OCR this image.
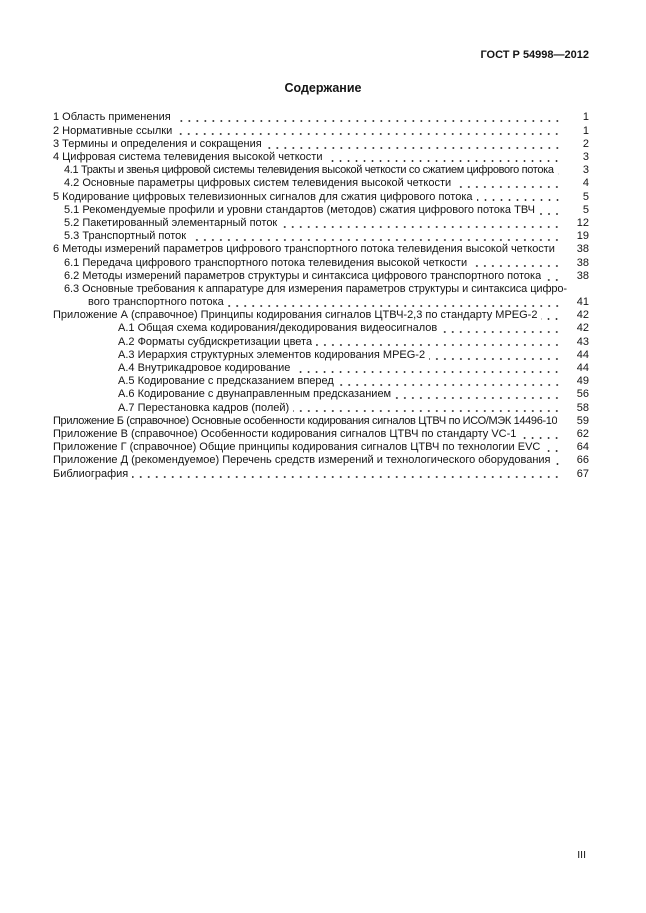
ГОСТ Р 54998—2012
Содержание
1 Область применения	1
2 Нормативные ссылки	1
3 Термины и определения и сокращения	2
4 Цифровая система телевидения высокой четкости	3
4.1 Тракты и звенья цифровой системы телевидения высокой четкости со сжатием цифрового потока	3
4.2 Основные параметры цифровых систем телевидения высокой четкости	4
5 Кодирование цифровых телевизионных сигналов для сжатия цифрового потока	5
5.1 Рекомендуемые профили и уровни стандартов (методов) сжатия цифрового потока ТВЧ	5
5.2 Пакетированный элементарный поток	12
5.3 Транспортный поток	19
6 Методы измерений параметров цифрового транспортного потока телевидения высокой четкости	38
6.1 Передача цифрового транспортного потока телевидения высокой четкости	38
6.2 Методы измерений параметров структуры и синтаксиса цифрового транспортного потока	38
6.3 Основные требования к аппаратуре для измерения параметров структуры и синтаксиса цифро-
вого транспортного потока	41
Приложение А (справочное) Принципы кодирования сигналов ЦТВЧ-2,3 по стандарту MPEG-2	42
А.1 Общая схема кодирования/декодирования видеосигналов	42
А.2 Форматы субдискретизации цвета	43
А.3 Иерархия структурных элементов кодирования MPEG-2	44
А.4 Внутрикадровое кодирование	44
А.5 Кодирование с предсказанием вперед	49
А.6 Кодирование с двунаправленным предсказанием	56
А.7 Перестановка кадров (полей)	58
Приложение Б (справочное) Основные особенности кодирования сигналов ЦТВЧ по ИСО/МЭК 14496-10	59
Приложение В (справочное) Особенности кодирования сигналов ЦТВЧ по стандарту VC-1	62
Приложение Г (справочное) Общие принципы кодирования сигналов ЦТВЧ по технологии EVC	64
Приложение Д (рекомендуемое) Перечень средств измерений и технологического оборудования	66
Библиография	67
III
